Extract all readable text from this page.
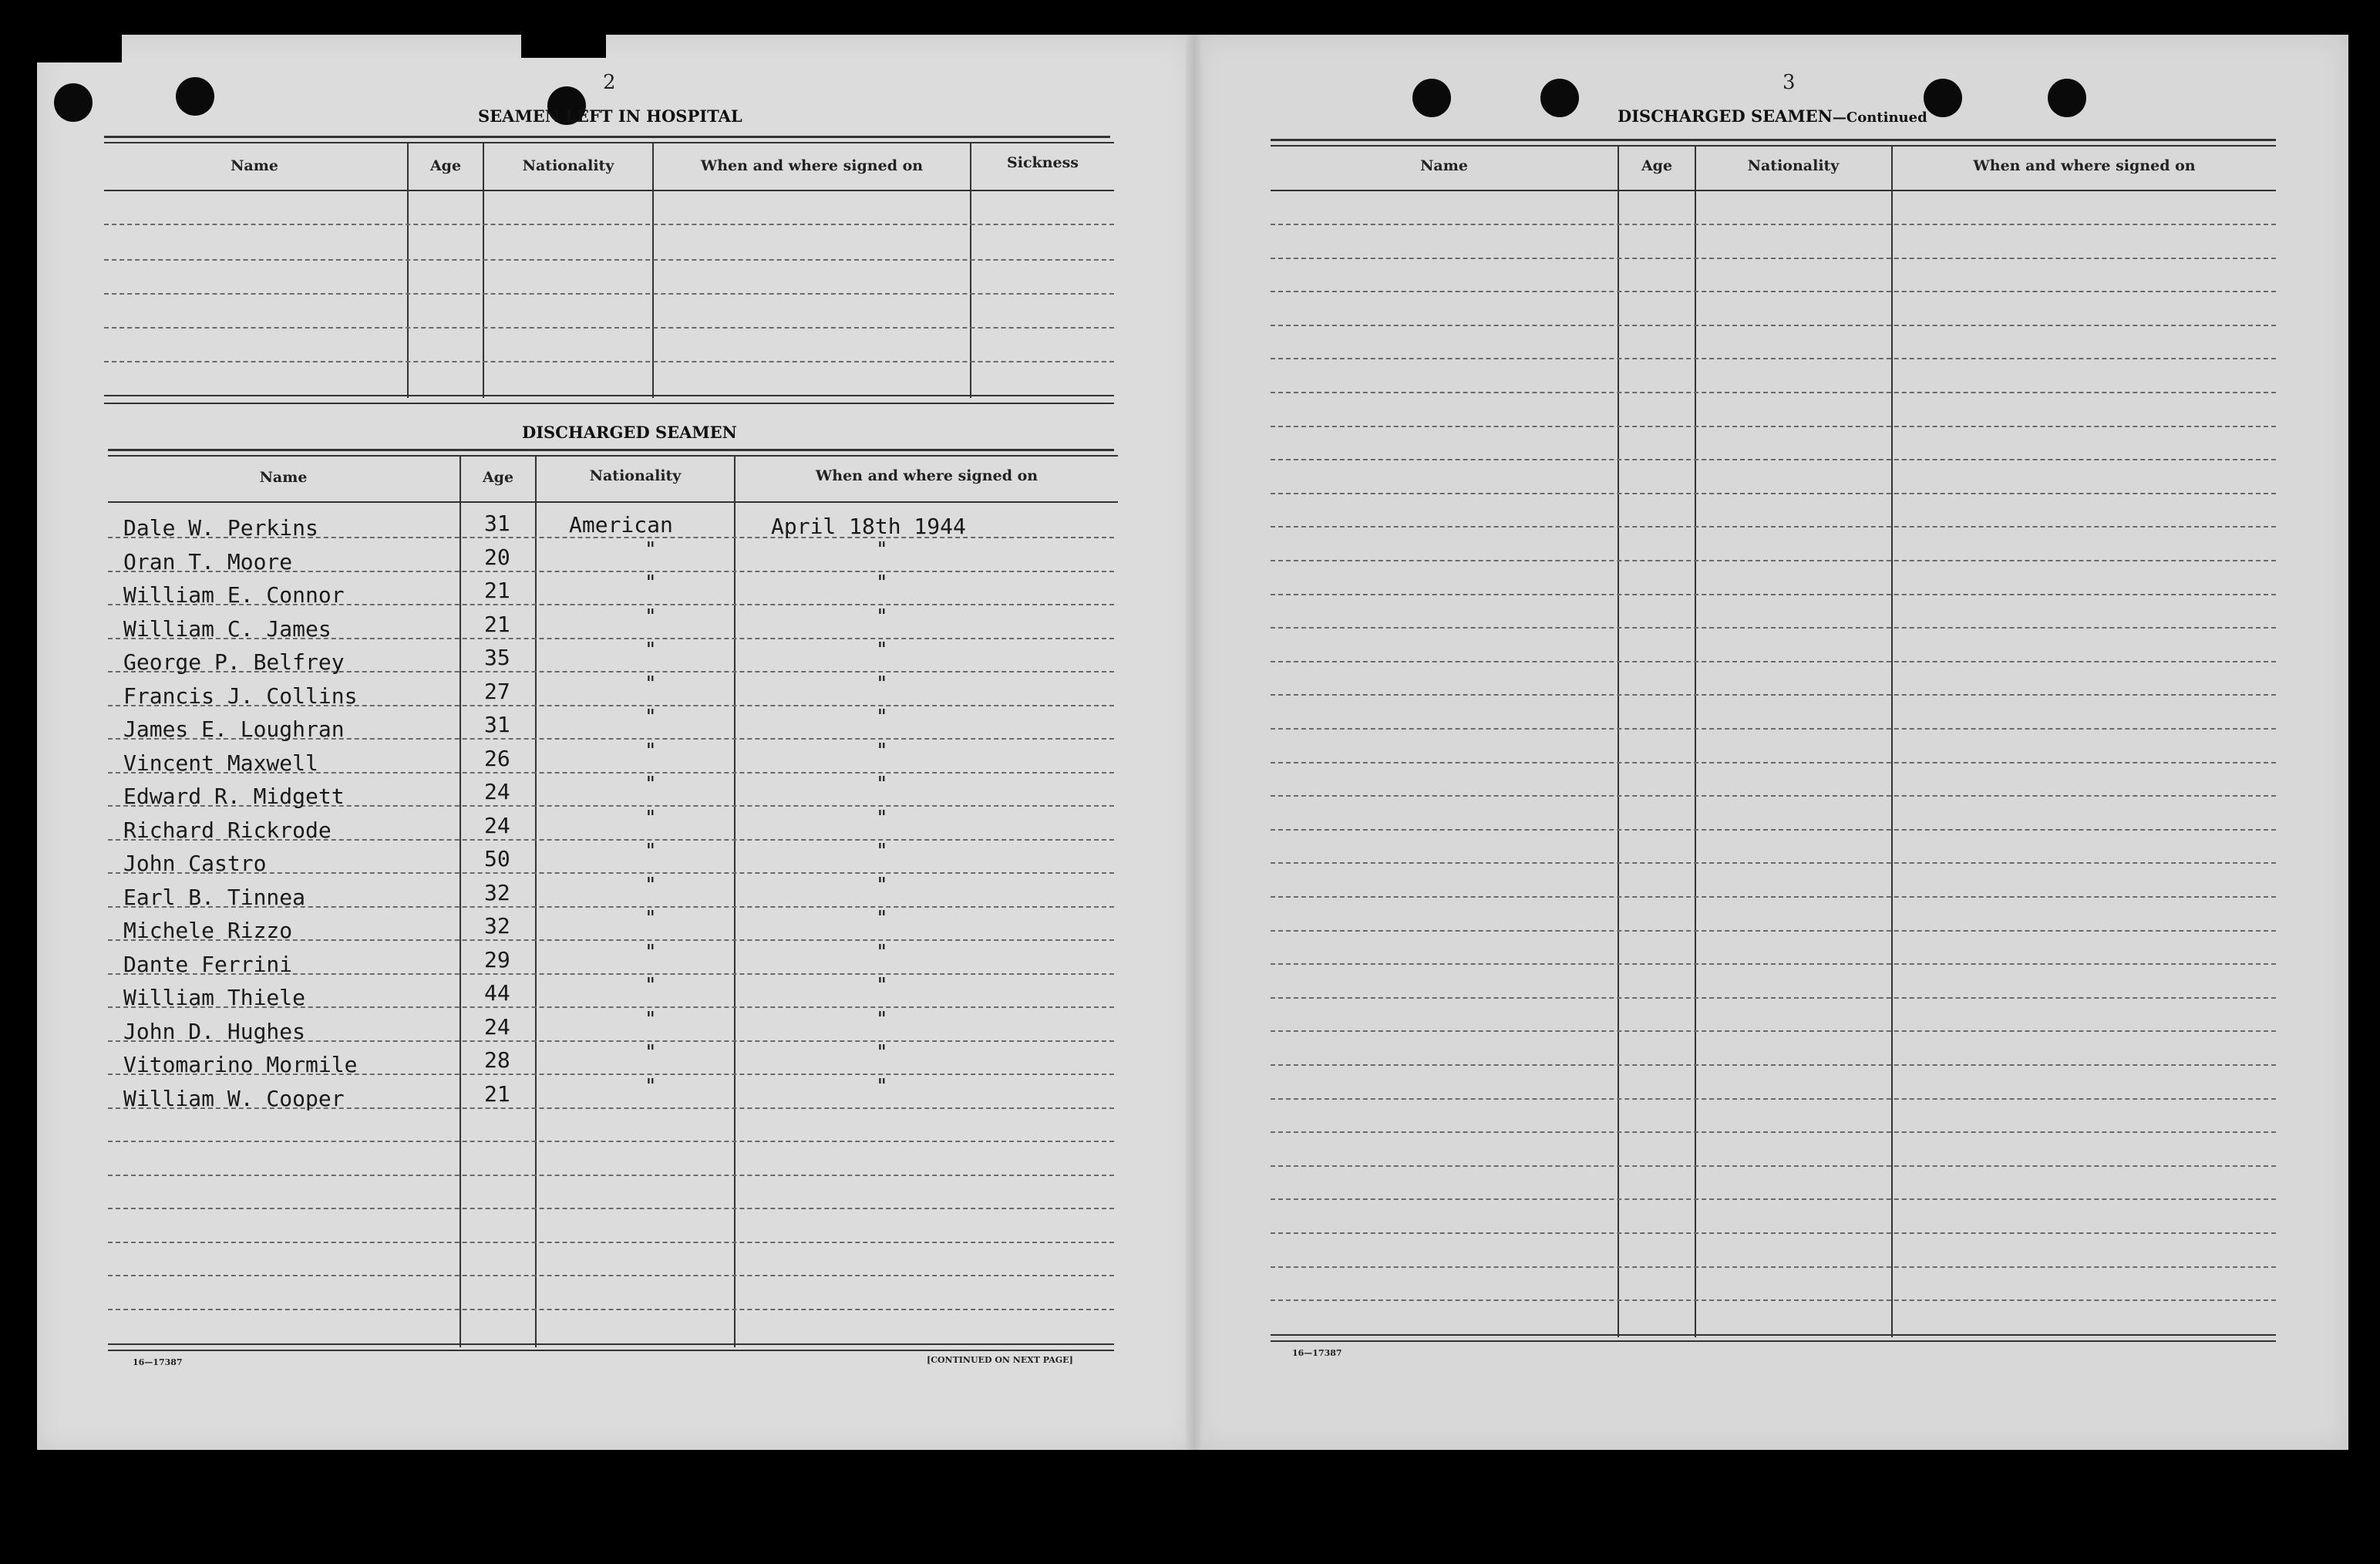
2
SEAMEN LEFT IN HOSPITAL
Name	Age	Nationality	When and where signed on	Sickness
DISCHARGED SEAMEN
Name	Age	Nationality	When and where signed on
Dale W. Perkins	31	American	April 18th 1944
Oran T. Moore	20	"	"
William E. Connor	21	"	"
William C. James	21	"	"
George P. Belfrey	35	"	"
Francis J. Collins	27	"	"
James E. Loughran	31	"	"
Vincent Maxwell	26	"	"
Edward R. Midgett	24	"	"
Richard Rickrode	24	"	"
John Castro	50	"	"
Earl B. Tinnea	32	"	"
Michele Rizzo	32	"	"
Dante Ferrini	29	"	"
William Thiele	44	"	"
John D. Hughes	24	"	"
Vitomarino Mormile	28	"	"
William W. Cooper	21	"	"
16—17387	[CONTINUED ON NEXT PAGE]
3
DISCHARGED SEAMEN—Continued
Name	Age	Nationality	When and where signed on
16—17387
